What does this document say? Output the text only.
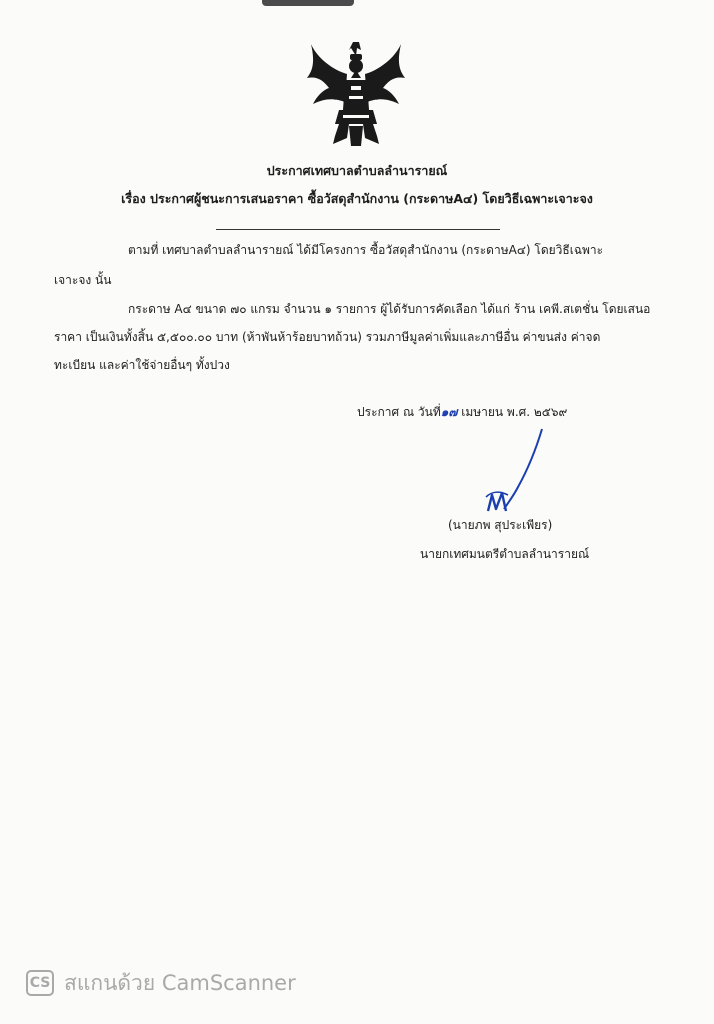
ประกาศเทศบาลตำบลลำนารายณ์
เรื่อง ประกาศผู้ชนะการเสนอราคา ซื้อวัสดุสำนักงาน (กระดาษA๔) โดยวิธีเฉพาะเจาะจง
ตามที่ เทศบาลตำบลลำนารายณ์ ได้มีโครงการ ซื้อวัสดุสำนักงาน (กระดาษA๔) โดยวิธีเฉพาะ
เจาะจง นั้น
กระดาษ A๔ ขนาด ๗๐ แกรม จำนวน ๑ รายการ ผู้ได้รับการคัดเลือก ได้แก่ ร้าน เคพี.สเตชั่น โดยเสนอ
ราคา เป็นเงินทั้งสิ้น ๕,๕๐๐.๐๐ บาท (ห้าพันห้าร้อยบาทถ้วน) รวมภาษีมูลค่าเพิ่มและภาษีอื่น ค่าขนส่ง ค่าจด
ทะเบียน และค่าใช้จ่ายอื่นๆ ทั้งปวง
ประกาศ ณ วันที่๑๗ เมษายน พ.ศ. ๒๕๖๙
(นายภพ สุประเพียร)
นายกเทศมนตรีตำบลลำนารายณ์
CS สแกนด้วย CamScanner
